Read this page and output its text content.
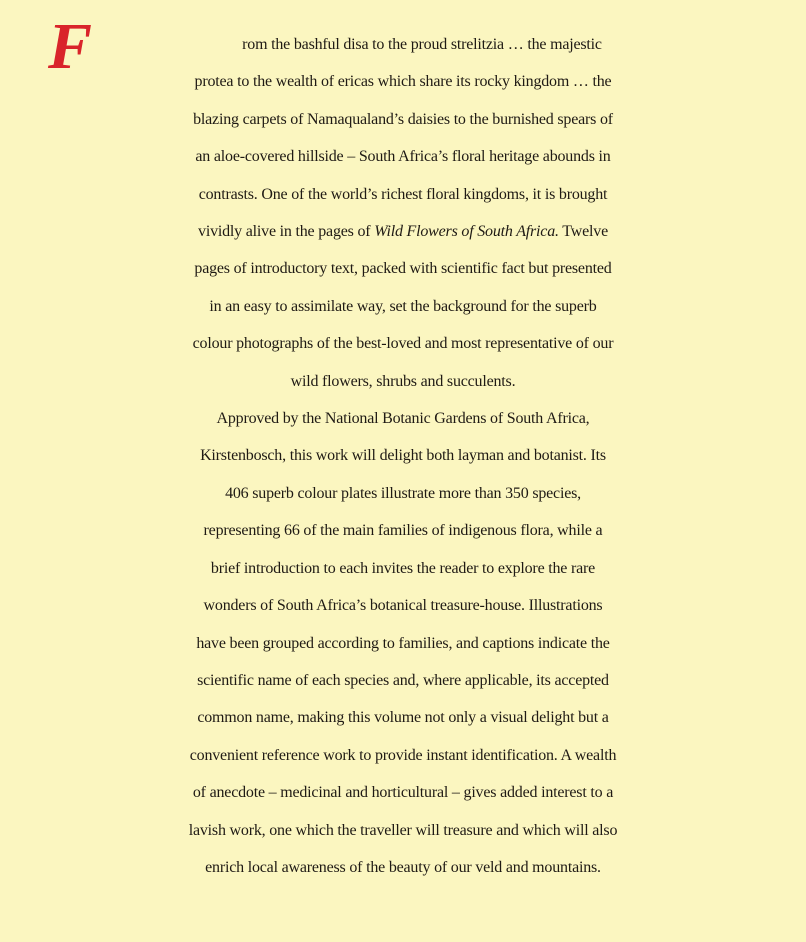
F	rom the bashful disa to the proud strelitzia … the majestic
protea to the wealth of ericas which share its rocky kingdom … the
blazing carpets of Namaqualand’s daisies to the burnished spears of
an aloe-covered hillside – South Africa’s floral heritage abounds in
contrasts. One of the world’s richest floral kingdoms, it is brought
vividly alive in the pages of Wild Flowers of South Africa. Twelve
pages of introductory text, packed with scientific fact but presented
in an easy to assimilate way, set the background for the superb
colour photographs of the best-loved and most representative of our
wild flowers, shrubs and succulents.
Approved by the National Botanic Gardens of South Africa,
Kirstenbosch, this work will delight both layman and botanist. Its
406 superb colour plates illustrate more than 350 species,
representing 66 of the main families of indigenous flora, while a
brief introduction to each invites the reader to explore the rare
wonders of South Africa’s botanical treasure-house. Illustrations
have been grouped according to families, and captions indicate the
scientific name of each species and, where applicable, its accepted
common name, making this volume not only a visual delight but a
convenient reference work to provide instant identification. A wealth
of anecdote – medicinal and horticultural – gives added interest to a
lavish work, one which the traveller will treasure and which will also
enrich local awareness of the beauty of our veld and mountains.
